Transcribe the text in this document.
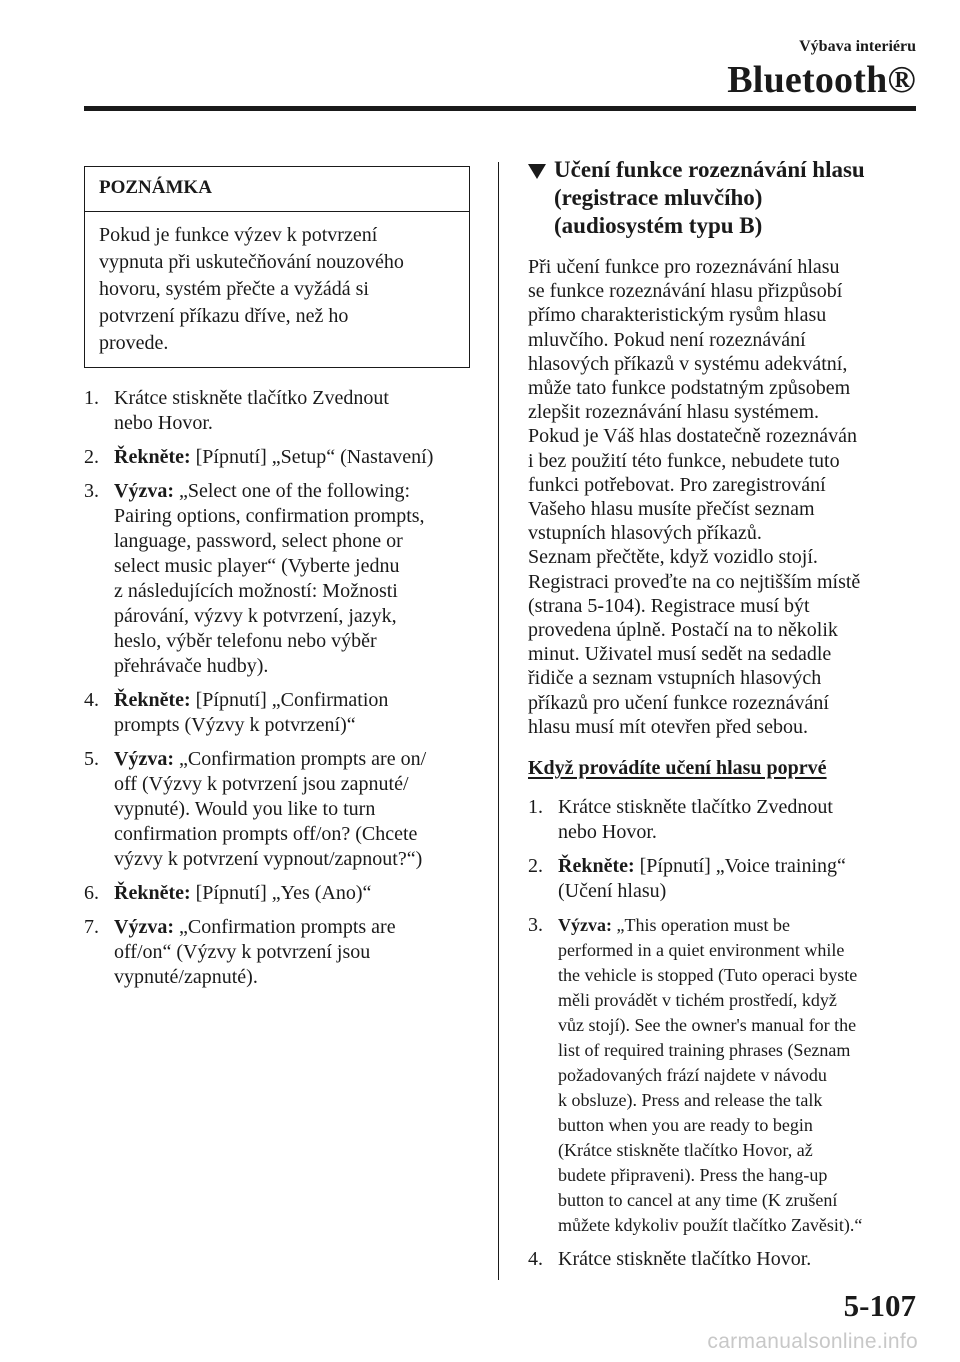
Výbava interiéru
Bluetooth®
POZNÁMKA
Pokud je funkce výzev k potvrzení
vypnuta při uskutečňování nouzového
hovoru, systém přečte a vyžádá si
potvrzení příkazu dříve, než ho
provede.
1. Krátce stiskněte tlačítko Zvednout
nebo Hovor.
2. Řekněte: [Pípnutí] „Setup“ (Nastavení)
3. Výzva: „Select one of the following:
Pairing options, confirmation prompts,
language, password, select phone or
select music player“ (Vyberte jednu
z následujících možností: Možnosti
párování, výzvy k potvrzení, jazyk,
heslo, výběr telefonu nebo výběr
přehrávače hudby).
4. Řekněte: [Pípnutí] „Confirmation
prompts (Výzvy k potvrzení)“
5. Výzva: „Confirmation prompts are on/
off (Výzvy k potvrzení jsou zapnuté/
vypnuté). Would you like to turn
confirmation prompts off/on? (Chcete
výzvy k potvrzení vypnout/zapnout?“)
6. Řekněte: [Pípnutí] „Yes (Ano)“
7. Výzva: „Confirmation prompts are
off/on“ (Výzvy k potvrzení jsou
vypnuté/zapnuté).
Učení funkce rozeznávání hlasu
(registrace mluvčího)
(audiosystém typu B)
Při učení funkce pro rozeznávání hlasu
se funkce rozeznávání hlasu přizpůsobí
přímo charakteristickým rysům hlasu
mluvčího. Pokud není rozeznávání
hlasových příkazů v systému adekvátní,
může tato funkce podstatným způsobem
zlepšit rozeznávání hlasu systémem.
Pokud je Váš hlas dostatečně rozeznáván
i bez použití této funkce, nebudete tuto
funkci potřebovat. Pro zaregistrování
Vašeho hlasu musíte přečíst seznam
vstupních hlasových příkazů.
Seznam přečtěte, když vozidlo stojí.
Registraci proveďte na co nejtišším místě
(strana 5-104). Registrace musí být
provedena úplně. Postačí na to několik
minut. Uživatel musí sedět na sedadle
řidiče a seznam vstupních hlasových
příkazů pro učení funkce rozeznávání
hlasu musí mít otevřen před sebou.
Když provádíte učení hlasu poprvé
1. Krátce stiskněte tlačítko Zvednout
nebo Hovor.
2. Řekněte: [Pípnutí] „Voice training“
(Učení hlasu)
3. Výzva: „This operation must be
performed in a quiet environment while
the vehicle is stopped (Tuto operaci byste
měli provádět v tichém prostředí, když
vůz stojí). See the owner's manual for the
list of required training phrases (Seznam
požadovaných frází najdete v návodu
k obsluze). Press and release the talk
button when you are ready to begin
(Krátce stiskněte tlačítko Hovor, až
budete připraveni). Press the hang-up
button to cancel at any time (K zrušení
můžete kdykoliv použít tlačítko Zavěsit).“
4. Krátce stiskněte tlačítko Hovor.
5-107
carmanualsonline.info
